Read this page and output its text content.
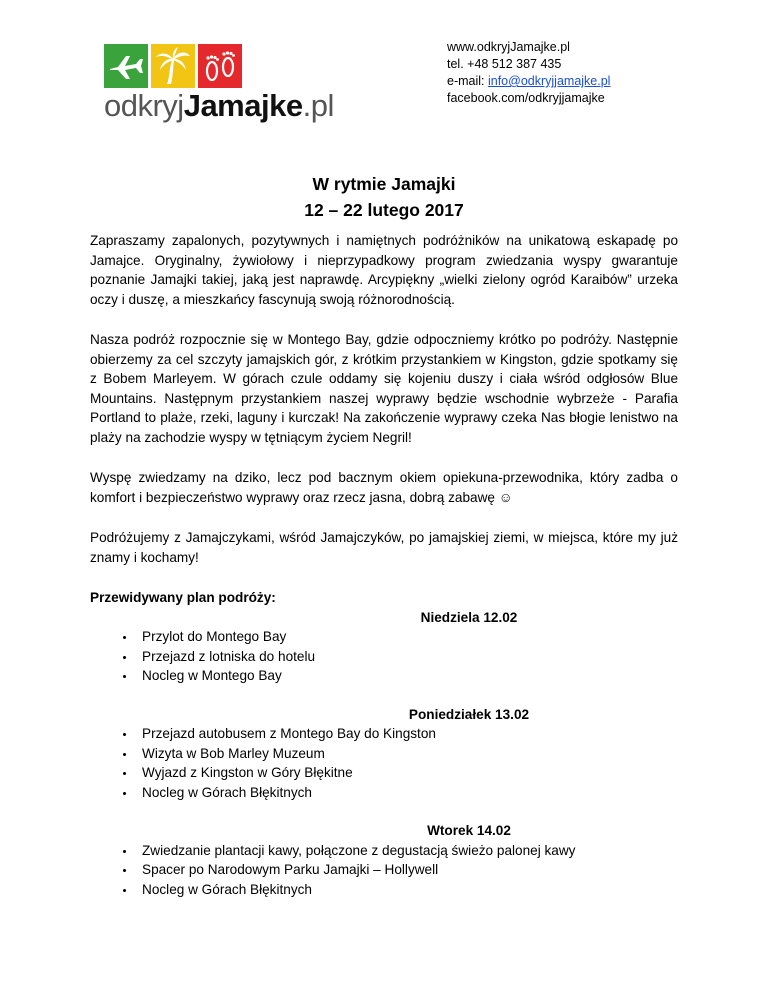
odkryjJamajke.pl
www.odkryjJamajke.pl
tel. +48 512 387 435
e-mail: info@odkryjjamajke.pl
facebook.com/odkryjjamajke
W rytmie Jamajki
12 – 22 lutego 2017

Zapraszamy zapalonych, pozytywnych i namiętnych podróżników na unikatową eskapadę po Jamajce. Oryginalny, żywiołowy i nieprzypadkowy program zwiedzania wyspy gwarantuje poznanie Jamajki takiej, jaką jest naprawdę. Arcypiękny „wielki zielony ogród Karaibów” urzeka oczy i duszę, a mieszkańcy fascynują swoją różnorodnością.

Nasza podróż rozpocznie się w Montego Bay, gdzie odpoczniemy krótko po podróży. Następnie obierzemy za cel szczyty jamajskich gór, z krótkim przystankiem w Kingston, gdzie spotkamy się z Bobem Marleyem. W górach czule oddamy się kojeniu duszy i ciała wśród odgłosów Blue Mountains. Następnym przystankiem naszej wyprawy będzie wschodnie wybrzeże - Parafia Portland to plaże, rzeki, laguny i kurczak! Na zakończenie wyprawy czeka Nas błogie lenistwo na plaży na zachodzie wyspy w tętniącym życiem Negril!

Wyspę zwiedzamy na dziko, lecz pod bacznym okiem opiekuna-przewodnika, który zadba o komfort i bezpieczeństwo wyprawy oraz rzecz jasna, dobrą zabawę ☺

Podróżujemy z Jamajczykami, wśród Jamajczyków, po jamajskiej ziemi, w miejsca, które my już znamy i kochamy!

Przewidywany plan podróży:

Niedziela 12.02

• Przylot do Montego Bay
• Przejazd z lotniska do hotelu
• Nocleg w Montego Bay

Poniedziałek 13.02

• Przejazd autobusem z Montego Bay do Kingston
• Wizyta w Bob Marley Muzeum
• Wyjazd z Kingston w Góry Błękitne
• Nocleg w Górach Błękitnych

Wtorek 14.02

• Zwiedzanie plantacji kawy, połączone z degustacją świeżo palonej kawy
• Spacer po Narodowym Parku Jamajki – Hollywell
• Nocleg w Górach Błękitnych
